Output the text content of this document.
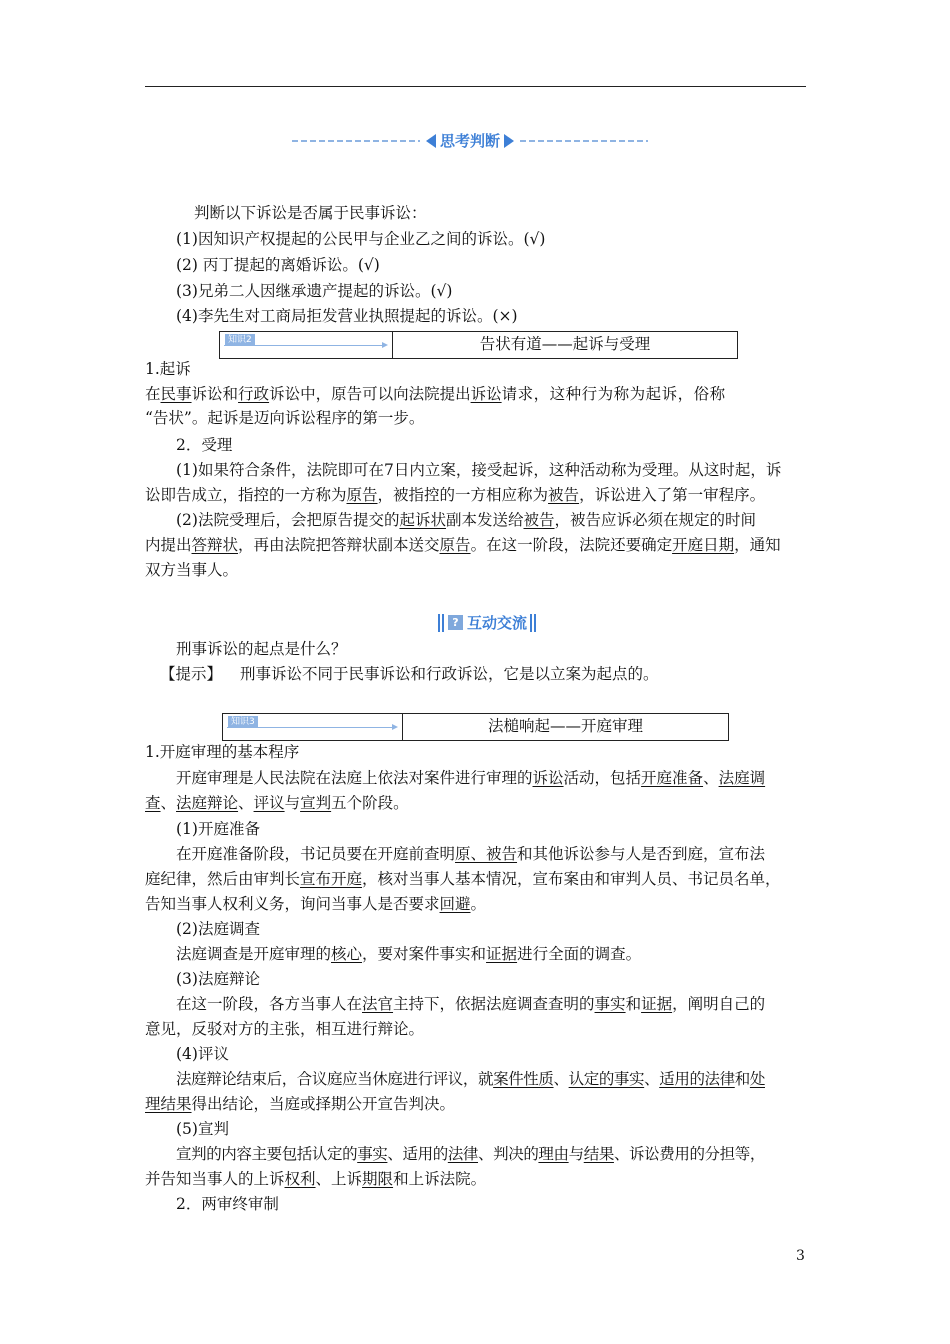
思考判断
判断以下诉讼是否属于民事诉讼：
(1)因知识产权提起的公民甲与企业乙之间的诉讼。(√)
(2) 丙丁提起的离婚诉讼。(√)
(3)兄弟二人因继承遗产提起的诉讼。(√)
(4)李先生对工商局拒发营业执照提起的诉讼。(×)
知识2	告状有道——起诉与受理
1.起诉
在民事诉讼和行政诉讼中，原告可以向法院提出诉讼请求，这种行为称为起诉，俗称
“告状”。起诉是迈向诉讼程序的第一步。
2．受理
(1)如果符合条件，法院即可在7日内立案，接受起诉，这种活动称为受理。从这时起，诉
讼即告成立，指控的一方称为原告，被指控的一方相应称为被告，诉讼进入了第一审程序。
(2)法院受理后，会把原告提交的起诉状副本发送给被告，被告应诉必须在规定的时间
内提出答辩状，再由法院把答辩状副本送交原告。在这一阶段，法院还要确定开庭日期，通知
双方当事人。
? 互动交流
刑事诉讼的起点是什么？
【提示】 刑事诉讼不同于民事诉讼和行政诉讼，它是以立案为起点的。
知识3	法槌响起——开庭审理
1.开庭审理的基本程序
开庭审理是人民法院在法庭上依法对案件进行审理的诉讼活动，包括开庭准备、法庭调
查、法庭辩论、评议与宣判五个阶段。
(1)开庭准备
在开庭准备阶段，书记员要在开庭前查明原、被告和其他诉讼参与人是否到庭，宣布法
庭纪律，然后由审判长宣布开庭，核对当事人基本情况，宣布案由和审判人员、书记员名单，
告知当事人权利义务，询问当事人是否要求回避。
(2)法庭调查
法庭调查是开庭审理的核心，要对案件事实和证据进行全面的调查。
(3)法庭辩论
在这一阶段，各方当事人在法官主持下，依据法庭调查查明的事实和证据，阐明自己的
意见，反驳对方的主张，相互进行辩论。
(4)评议
法庭辩论结束后，合议庭应当休庭进行评议，就案件性质、认定的事实、适用的法律和处
理结果得出结论，当庭或择期公开宣告判决。
(5)宣判
宣判的内容主要包括认定的事实、适用的法律、判决的理由与结果、诉讼费用的分担等，
并告知当事人的上诉权利、上诉期限和上诉法院。
2．两审终审制
3
